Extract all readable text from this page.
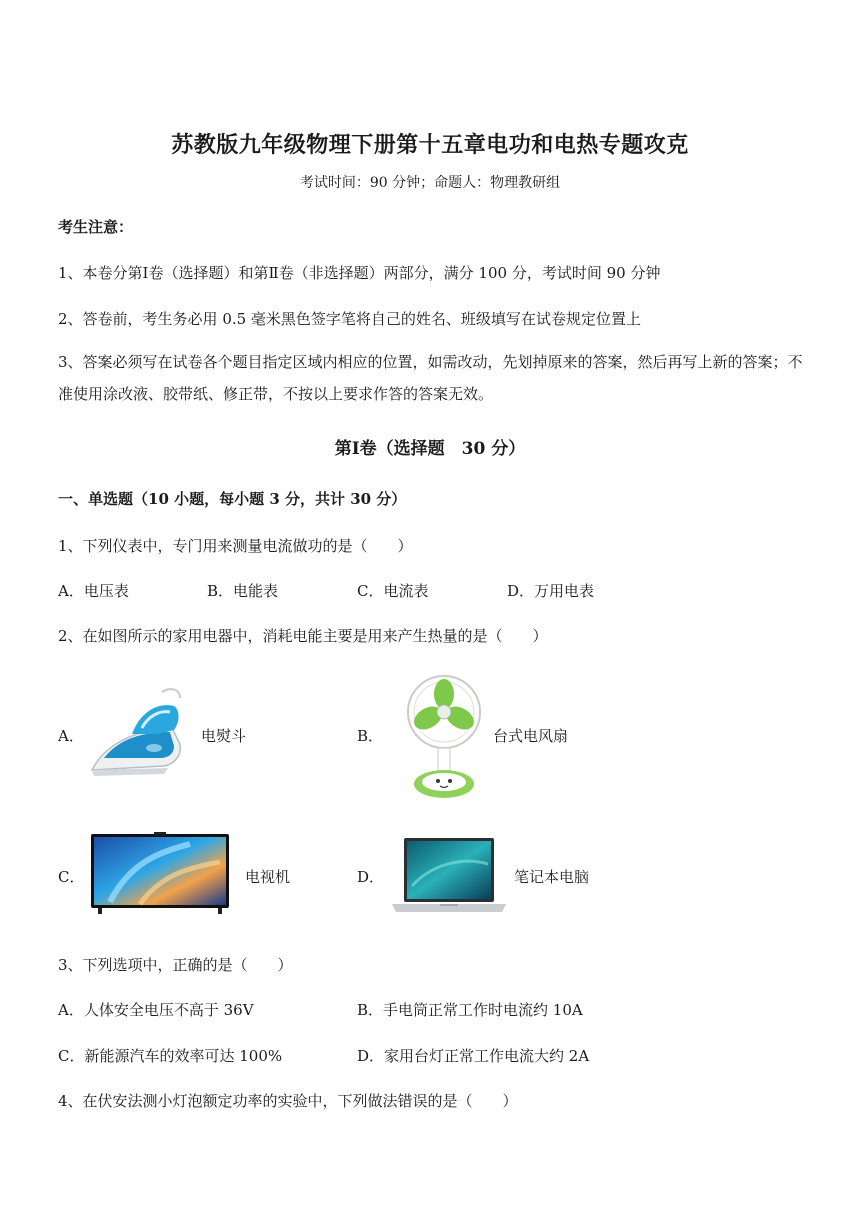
苏教版九年级物理下册第十五章电功和电热专题攻克
考试时间：90 分钟；命题人：物理教研组
考生注意：
1、本卷分第Ⅰ卷（选择题）和第Ⅱ卷（非选择题）两部分，满分 100 分，考试时间 90 分钟
2、答卷前，考生务必用 0.5 毫米黑色签字笔将自己的姓名、班级填写在试卷规定位置上
3、答案必须写在试卷各个题目指定区域内相应的位置，如需改动，先划掉原来的答案，然后再写上新的答案；不准使用涂改液、胶带纸、修正带，不按以上要求作答的答案无效。
第Ⅰ卷（选择题　30 分）
一、单选题（10 小题，每小题 3 分，共计 30 分）
1、下列仪表中，专门用来测量电流做功的是（　　）
A．电压表	B．电能表	C．电流表	D．万用电表
2、在如图所示的家用电器中，消耗电能主要是用来产生热量的是（　　）
A．	电熨斗	B．	台式电风扇
C．	电视机	D．	笔记本电脑
3、下列选项中，正确的是（　　）
A．人体安全电压不高于 36V	B．手电筒正常工作时电流约 10A
C．新能源汽车的效率可达 100%	D．家用台灯正常工作电流大约 2A
4、在伏安法测小灯泡额定功率的实验中，下列做法错误的是（　　）
